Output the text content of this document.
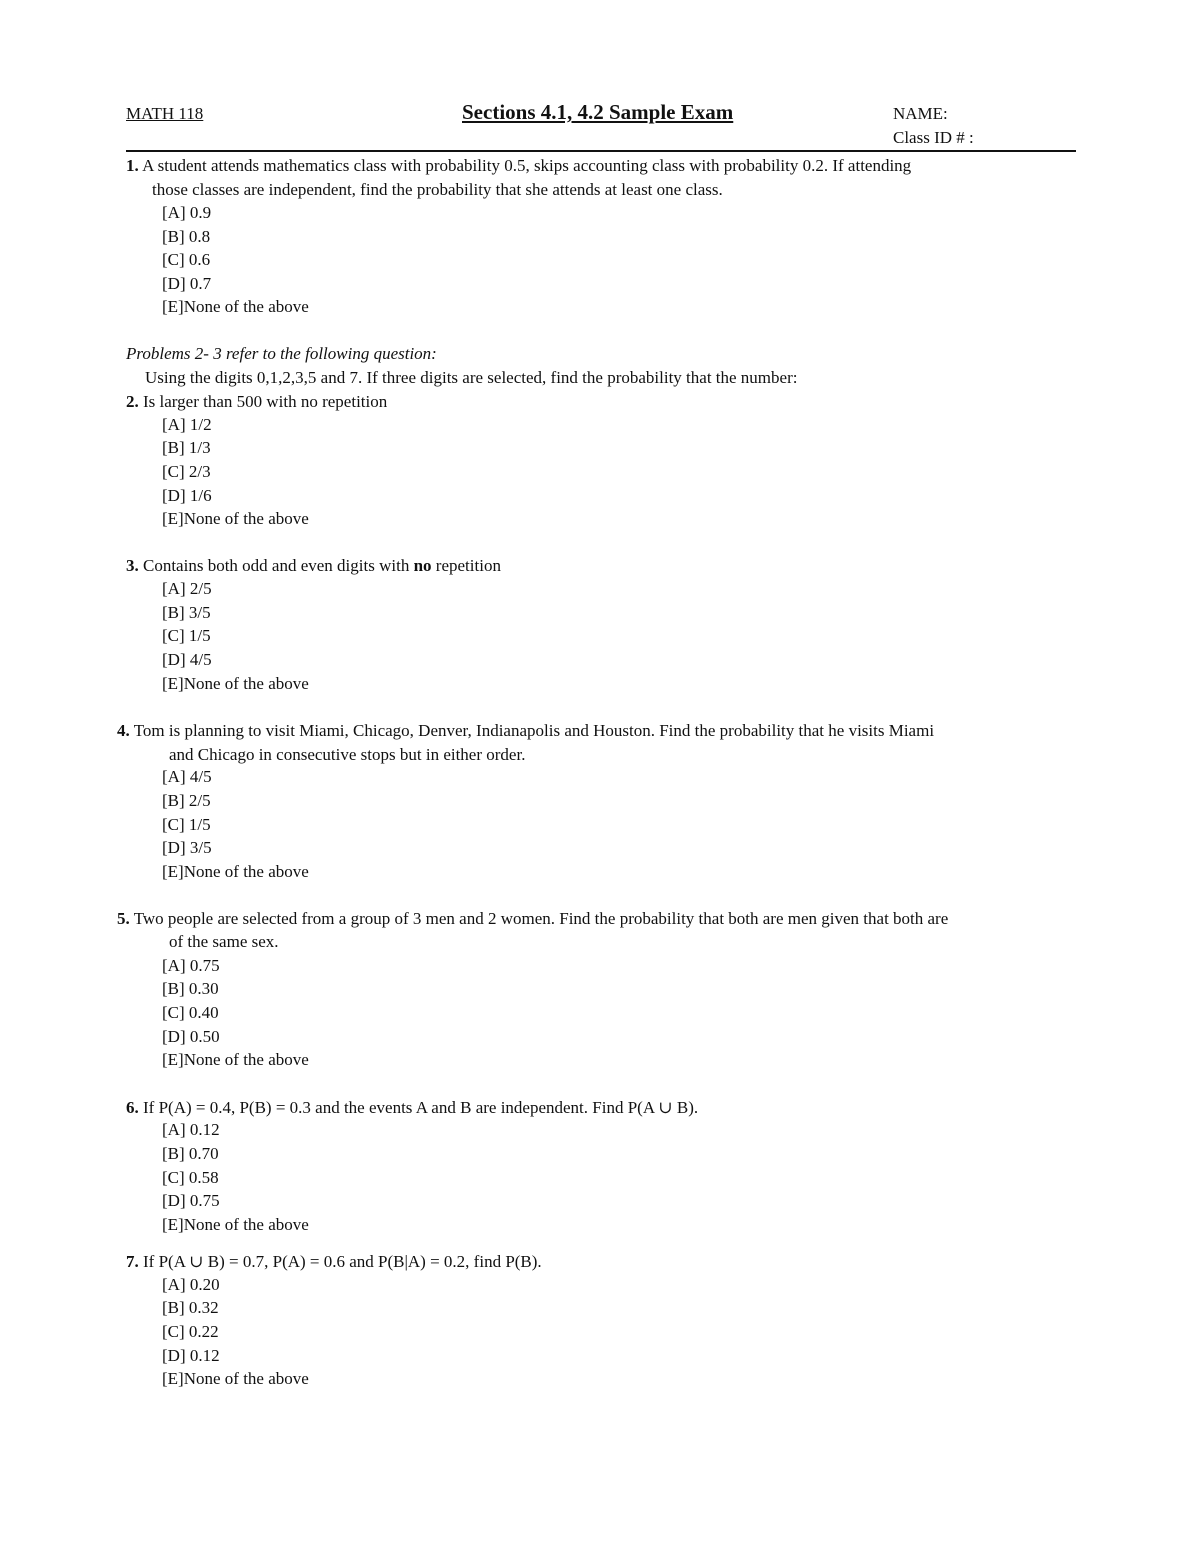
MATH 118	Sections 4.1, 4.2 Sample Exam	NAME:
Class ID # :
1. A student attends mathematics class with probability 0.5, skips accounting class with probability 0.2. If attending
those classes are independent, find the probability that she attends at least one class.
[A] 0.9
[B] 0.8
[C] 0.6
[D] 0.7
[E]None of the above
Problems 2- 3 refer to the following question:
Using the digits 0,1,2,3,5 and 7. If three digits are selected, find the probability that the number:
2. Is larger than 500 with no repetition
[A] 1/2
[B] 1/3
[C] 2/3
[D] 1/6
[E]None of the above
3. Contains both odd and even digits with no repetition
[A] 2/5
[B] 3/5
[C] 1/5
[D] 4/5
[E]None of the above
4. Tom is planning to visit Miami, Chicago, Denver, Indianapolis and Houston. Find the probability that he visits Miami
and Chicago in consecutive stops but in either order.
[A] 4/5
[B] 2/5
[C] 1/5
[D] 3/5
[E]None of the above
5. Two people are selected from a group of 3 men and 2 women. Find the probability that both are men given that both are
of the same sex.
[A] 0.75
[B] 0.30
[C] 0.40
[D] 0.50
[E]None of the above
6. If P(A) = 0.4, P(B) = 0.3 and the events A and B are independent. Find P(A ∪ B).
[A] 0.12
[B] 0.70
[C] 0.58
[D] 0.75
[E]None of the above
7. If P(A ∪ B) = 0.7, P(A) = 0.6 and P(B|A) = 0.2, find P(B).
[A] 0.20
[B] 0.32
[C] 0.22
[D] 0.12
[E]None of the above
